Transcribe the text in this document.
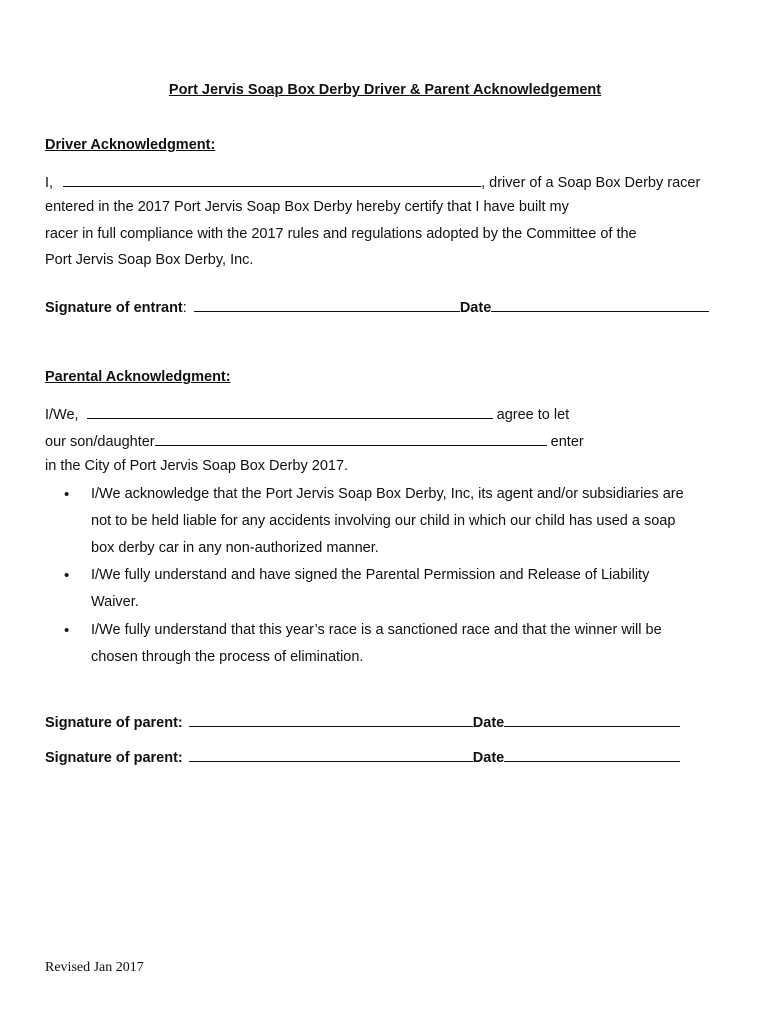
Port Jervis Soap Box Derby Driver & Parent Acknowledgement
Driver Acknowledgment:
I,	, driver of a Soap Box Derby racer
entered in the 2017 Port Jervis Soap Box Derby hereby certify that I have built my
racer in full compliance with the 2017 rules and regulations adopted by the Committee of the
Port Jervis Soap Box Derby, Inc.
Signature of entrant:	Date
Parental Acknowledgment:
I/We,	agree to let
our son/daughter	enter
in the City of Port Jervis Soap Box Derby 2017.
• I/We acknowledge that the Port Jervis Soap Box Derby, Inc, its agent and/or subsidiaries are
not to be held liable for any accidents involving our child in which our child has used a soap
box derby car in any non-authorized manner.
• I/We fully understand and have signed the Parental Permission and Release of Liability
Waiver.
• I/We fully understand that this year’s race is a sanctioned race and that the winner will be
chosen through the process of elimination.
Signature of parent:	Date
Signature of parent:	Date
Revised Jan 2017
